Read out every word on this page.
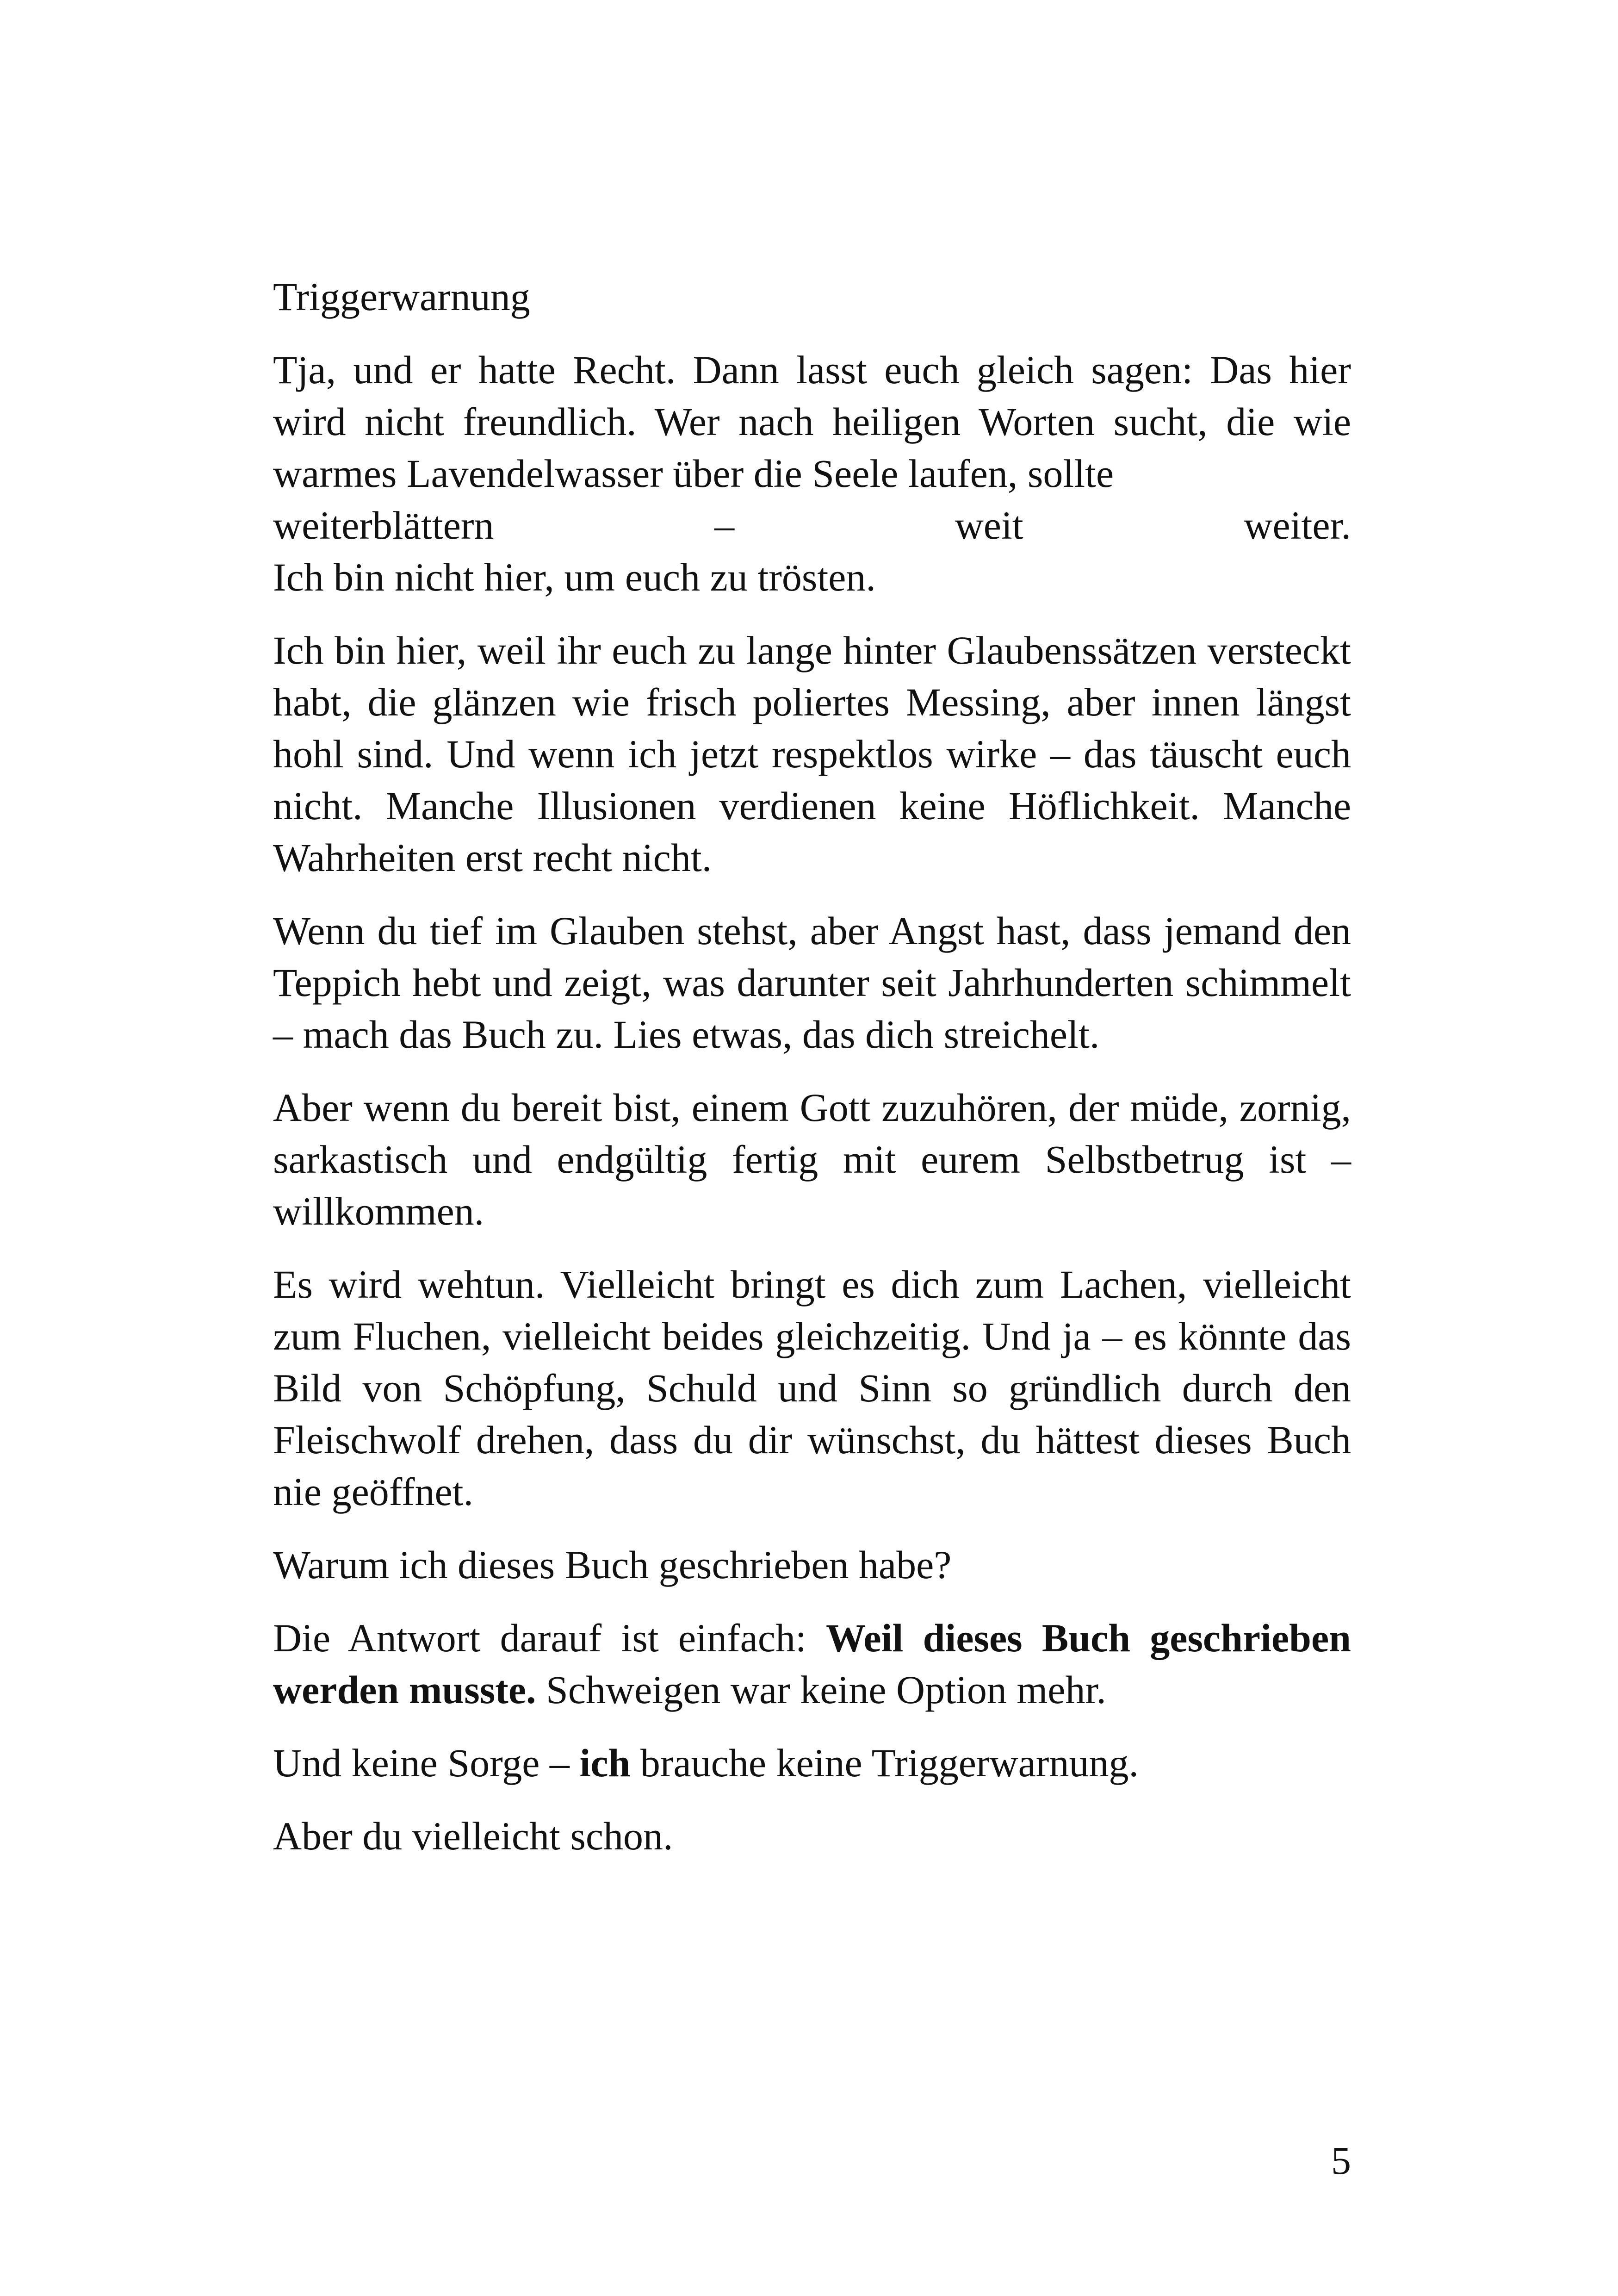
Triggerwarnung
Tja, und er hatte Recht. Dann lasst euch gleich sagen: Das hier wird nicht freundlich. Wer nach heiligen Worten sucht, die wie warmes Lavendelwasser über die Seele laufen, sollte
weiterblättern	–	weit	weiter.
Ich bin nicht hier, um euch zu trösten.
Ich bin hier, weil ihr euch zu lange hinter Glaubenssätzen versteckt habt, die glänzen wie frisch poliertes Messing, aber innen längst hohl sind. Und wenn ich jetzt respektlos wirke – das täuscht euch nicht. Manche Illusionen verdienen keine Höflichkeit. Manche Wahrheiten erst recht nicht.
Wenn du tief im Glauben stehst, aber Angst hast, dass jemand den Teppich hebt und zeigt, was darunter seit Jahrhunderten schimmelt – mach das Buch zu. Lies etwas, das dich streichelt.
Aber wenn du bereit bist, einem Gott zuzuhören, der müde, zornig, sarkastisch und endgültig fertig mit eurem Selbstbetrug ist – willkommen.
Es wird wehtun. Vielleicht bringt es dich zum Lachen, vielleicht zum Fluchen, vielleicht beides gleichzeitig. Und ja – es könnte das Bild von Schöpfung, Schuld und Sinn so gründlich durch den Fleischwolf drehen, dass du dir wünschst, du hättest dieses Buch nie geöffnet.
Warum ich dieses Buch geschrieben habe?
Die Antwort darauf ist einfach: Weil dieses Buch geschrieben werden musste. Schweigen war keine Option mehr.
Und keine Sorge – ich brauche keine Triggerwarnung.
Aber du vielleicht schon.
5
